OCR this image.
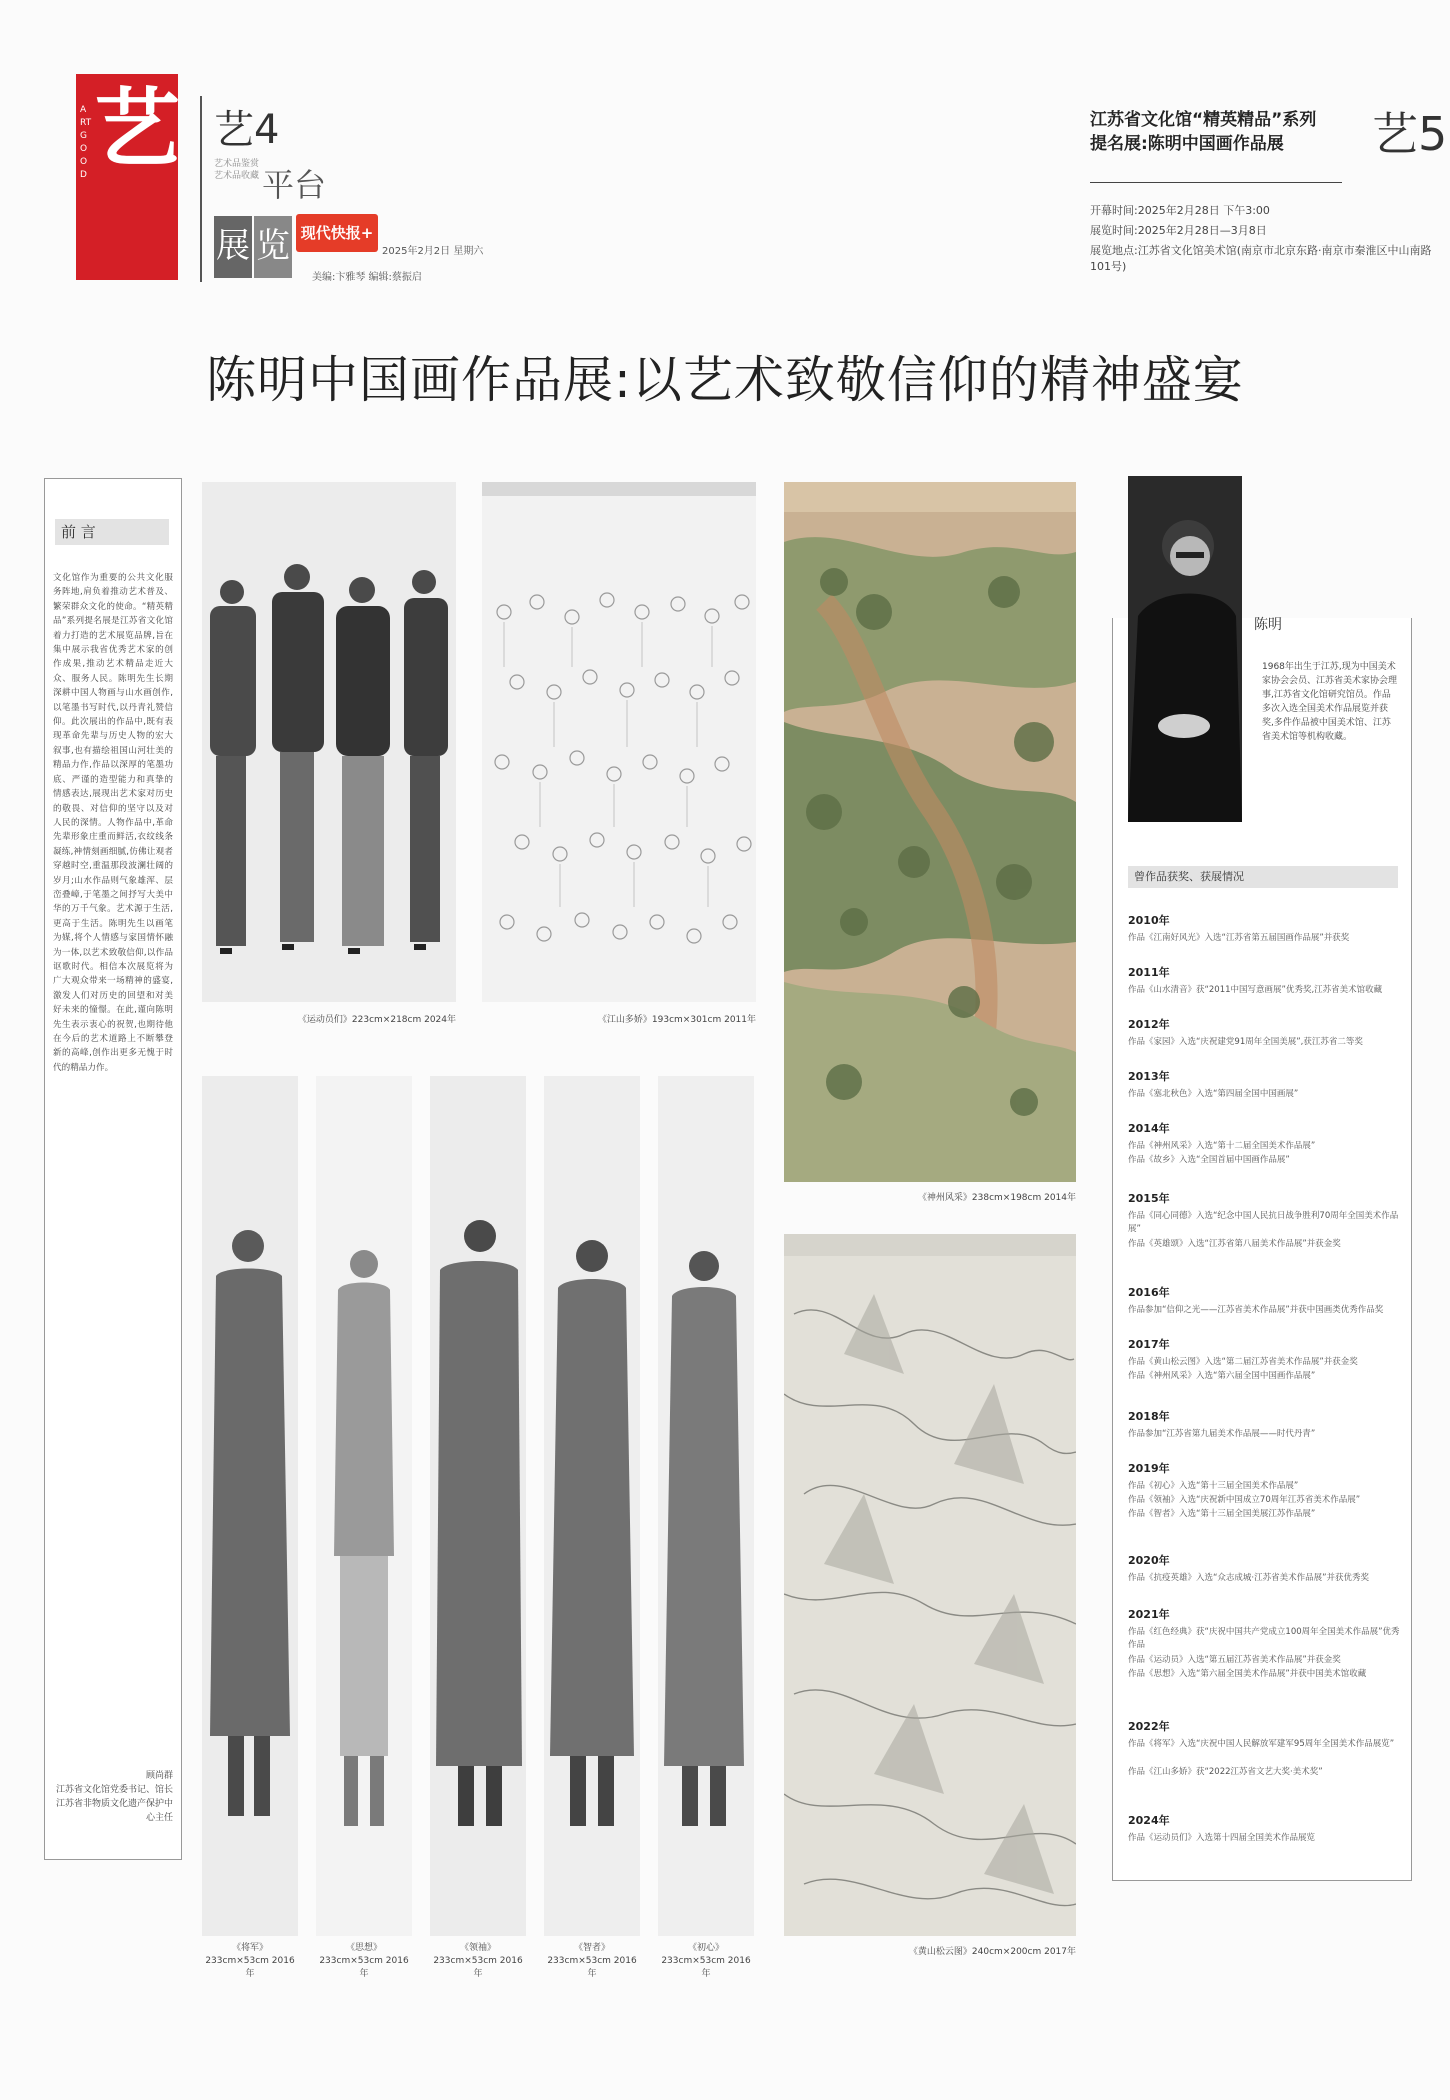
ARTGOOD 艺 艺4
艺术品鉴赏 艺术品收藏 平台
展 览 现代快报+
2025年2月2日 星期六
美编:卞雅琴 编辑:蔡振启
江苏省文化馆“精英精品”系列提名展:陈明中国画作品展	艺5
开幕时间:2025年2月28日 下午3:00
展览时间:2025年2月28日—3月8日
展览地点:江苏省文化馆美术馆(南京市北京东路·南京市秦淮区中山南路101号)
陈明中国画作品展:以艺术致敬信仰的精神盛宴
前 言
文化馆作为重要的公共文化服务阵地,肩负着推动艺术普及、繁荣群众文化的使命。“精英精品”系列提名展是江苏省文化馆着力打造的艺术展览品牌,旨在集中展示我省优秀艺术家的创作成果,推动艺术精品走近大众、服务人民。陈明先生长期深耕中国人物画与山水画创作,以笔墨书写时代,以丹青礼赞信仰。此次展出的作品中,既有表现革命先辈与历史人物的宏大叙事,也有描绘祖国山河壮美的精品力作,作品以深厚的笔墨功底、严谨的造型能力和真挚的情感表达,展现出艺术家对历史的敬畏、对信仰的坚守以及对人民的深情。人物作品中,革命先辈形象庄重而鲜活,衣纹线条凝练,神情刻画细腻,仿佛让观者穿越时空,重温那段波澜壮阔的岁月;山水作品则气象雄浑、层峦叠嶂,于笔墨之间抒写大美中华的万千气象。艺术源于生活,更高于生活。陈明先生以画笔为媒,将个人情感与家国情怀融为一体,以艺术致敬信仰,以作品讴歌时代。相信本次展览将为广大观众带来一场精神的盛宴,激发人们对历史的回望和对美好未来的憧憬。在此,谨向陈明先生表示衷心的祝贺,也期待他在今后的艺术道路上不断攀登新的高峰,创作出更多无愧于时代的精品力作。
顾尚群
江苏省文化馆党委书记、馆长 江苏省非物质文化遗产保护中心主任
《运动员们》223cm×218cm 2024年	《江山多娇》193cm×301cm 2011年
《神州风采》238cm×198cm 2014年
《黄山松云图》240cm×200cm 2017年
《将军》
233cm×53cm 2016年
《思想》
233cm×53cm 2016年
《领袖》
233cm×53cm 2016年
《智者》
233cm×53cm 2016年
《初心》
233cm×53cm 2016年
陈明
1968年出生于江苏,现为中国美术家协会会员、江苏省美术家协会理事,江苏省文化馆研究馆员。作品多次入选全国美术作品展览并获奖,多件作品被中国美术馆、江苏省美术馆等机构收藏。
曾作品获奖、获展情况
2010年
作品《江南好风光》入选“江苏省第五届国画作品展”并获奖
2011年
作品《山水清音》获“2011中国写意画展”优秀奖,江苏省美术馆收藏
2012年
作品《家园》入选“庆祝建党91周年全国美展”,获江苏省二等奖
2013年
作品《塞北秋色》入选“第四届全国中国画展”
2014年
作品《神州风采》入选“第十二届全国美术作品展”
作品《故乡》入选“全国首届中国画作品展”
2015年
作品《同心同德》入选“纪念中国人民抗日战争胜利70周年全国美术作品展”
作品《英雄颂》入选“江苏省第八届美术作品展”并获金奖
2016年
作品参加“信仰之光——江苏省美术作品展”并获中国画类优秀作品奖
2017年
作品《黄山松云图》入选“第二届江苏省美术作品展”并获金奖
作品《神州风采》入选“第六届全国中国画作品展”
2018年
作品参加“江苏省第九届美术作品展——时代丹青”
2019年
作品《初心》入选“第十三届全国美术作品展”
作品《领袖》入选“庆祝新中国成立70周年江苏省美术作品展”
作品《智者》入选“第十三届全国美展江苏作品展”
2020年
作品《抗疫英雄》入选“众志成城·江苏省美术作品展”并获优秀奖
2021年
作品《红色经典》获“庆祝中国共产党成立100周年全国美术作品展”优秀作品
作品《运动员》入选“第五届江苏省美术作品展”并获金奖
作品《思想》入选“第六届全国美术作品展”并获中国美术馆收藏
2022年
作品《将军》入选“庆祝中国人民解放军建军95周年全国美术作品展览”
作品《江山多娇》获“2022江苏省文艺大奖·美术奖”
2024年
作品《运动员们》入选第十四届全国美术作品展览
